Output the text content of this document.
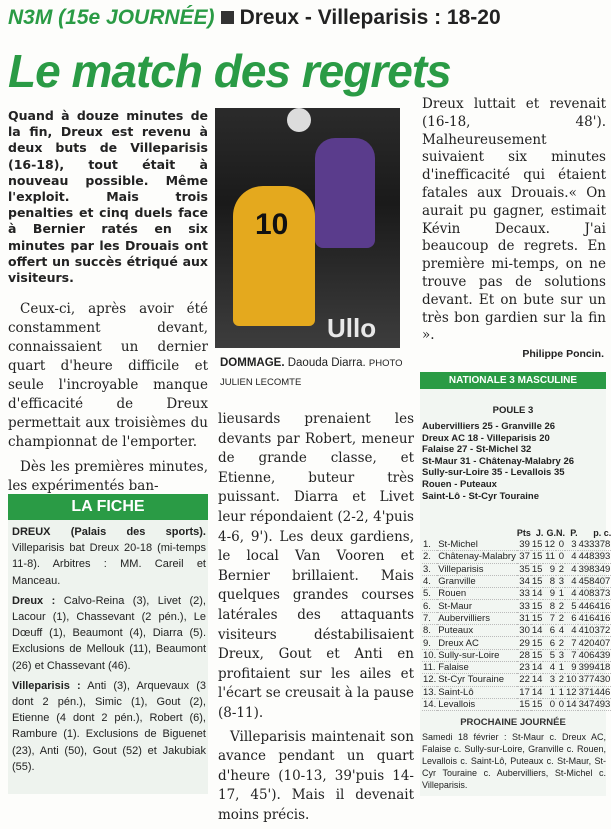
N3M (15e JOURNÉE) Dreux - Villeparisis : 18-20
Le match des regrets
Quand à douze minutes de la fin, Dreux est revenu à deux buts de Villeparisis (16-18), tout était à nouveau possible. Même l'exploit. Mais trois penalties et cinq duels face à Bernier ratés en six minutes par les Drouais ont offert un succès étriqué aux visiteurs.

Ceux-ci, après avoir été constamment devant, connaissaient un dernier quart d'heure difficile et seule l'incroyable manque d'efficacité de Dreux permettait aux troisièmes du championnat de l'emporter.

Dès les premières minutes, les expérimentés ban-

10
Ullo
DOMMAGE. Daouda Diarra. PHOTO JULIEN LECOMTE
Dreux luttait et revenait (16-18, 48'). Malheureusement suivaient six minutes d'inefficacité qui étaient fatales aux Drouais.« On aurait pu gagner, estimait Kévin Decaux. J'ai beaucoup de regrets. En première mi-temps, on ne trouve pas de solutions devant. Et on bute sur un très bon gardien sur la fin ».
Philippe Poncin.

lieusards prenaient les devants par Robert, meneur de grande classe, et Etienne, buteur très puissant. Diarra et Livet leur répondaient (2-2, 4'puis 4-6, 9'). Les deux gardiens, le local Van Vooren et Bernier brillaient. Mais quelques grandes courses latérales des attaquants visiteurs déstabilisaient Dreux, Gout et Anti en profitaient sur les ailes et l'écart se creusait à la pause (8-11).

Villeparisis maintenait son avance pendant un quart d'heure (10-13, 39'puis 14-17, 45'). Mais il devenait moins précis.

LA FICHE

DREUX (Palais des sports). Villeparisis bat Dreux 20-18 (mi-temps 11-8). Arbitres : MM. Careil et Manceau.

Dreux : Calvo-Reina (3), Livet (2), Lacour (1), Chassevant (2 pén.), Le Dœuff (1), Beaumont (4), Diarra (5). Exclusions de Mellouk (11), Beaumont (26) et Chassevant (46).

Villeparisis : Anti (3), Arquevaux (3 dont 2 pén.), Simic (1), Gout (2), Etienne (4 dont 2 pén.), Robert (6), Rambure (1). Exclusions de Biguenet (23), Anti (50), Gout (52) et Jakubiak (55).

NATIONALE 3 MASCULINE
POULE 3
Aubervilliers 25 - Granville 26
Dreux AC 18 - Villeparisis 20
Falaise 27 - St-Michel 32
St-Maur 31 - Châtenay-Malabry 26
Sully-sur-Loire 35 - Levallois 35
Rouen - Puteaux
Saint-Lô - St-Cyr Touraine
		Pts	J.	G.	N.	P.	p. c.
1.	St-Michel	39	15	12	0	3	433378
2.	Châtenay-Malabry	37	15	11	0	4	448393
3.	Villeparisis	35	15	9	2	4	398349
4.	Granville	34	15	8	3	4	458407
5.	Rouen	33	14	9	1	4	408373
6.	St-Maur	33	15	8	2	5	446416
7.	Aubervilliers	31	15	7	2	6	416416
8.	Puteaux	30	14	6	4	4	410372
9.	Dreux AC	29	15	6	2	7	420407
10.	Sully-sur-Loire	28	15	5	3	7	406439
11.	Falaise	23	14	4	1	9	399418
12.	St-Cyr Touraine	22	14	3	2	10	377430
13.	Saint-Lô	17	14	1	1	12	371446
14.	Levallois	15	15	0	0	14	347493
PROCHAINE JOURNÉE
Samedi 18 février : St-Maur c. Dreux AC, Falaise c. Sully-sur-Loire, Granville c. Rouen, Levallois c. Saint-Lô, Puteaux c. St-Maur, St-Cyr Touraine c. Aubervilliers, St-Michel c. Villeparisis.
